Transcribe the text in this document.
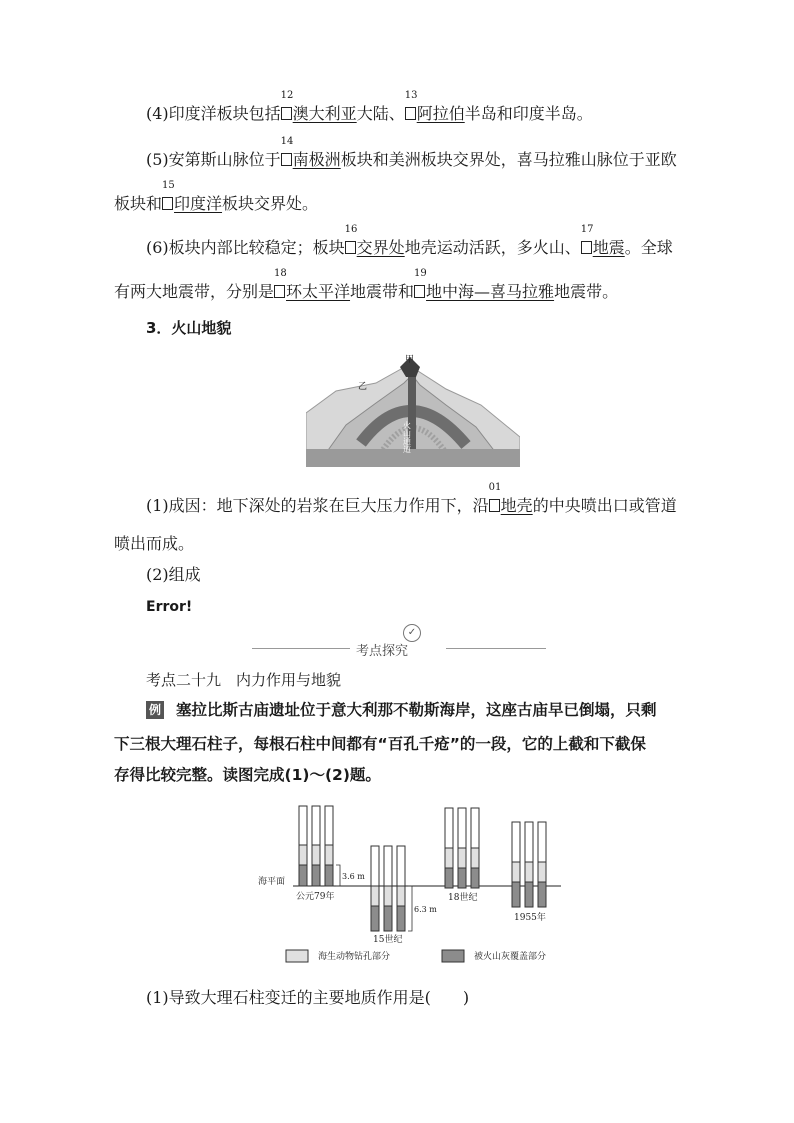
(4)印度洋板块包括
12
澳大利亚大陆、
13
阿拉伯半岛和印度半岛。
(5)安第斯山脉位于
14
南极洲板块和美洲板块交界处，喜马拉雅山脉位于亚欧
板块和
15
印度洋板块交界处。
(6)板块内部比较稳定；板块
16
交界处地壳运动活跃，多火山、
17
地震。全球
有两大地震带，分别是
18
环太平洋地震带和
19
地中海—喜马拉雅地震带。
3．火山地貌
甲
乙
火山通道
(1)成因：地下深处的岩浆在巨大压力作用下，沿
01
地壳的中央喷出口或管道
喷出而成。
(2)组成
Error!
✓
考点探究
考点二十九　内力作用与地貌
例 塞拉比斯古庙遗址位于意大利那不勒斯海岸，这座古庙早已倒塌，只剩
下三根大理石柱子，每根石柱中间都有“百孔千疮”的一段，它的上截和下截保
存得比较完整。读图完成(1)～(2)题。
海平面
公元79年
3.6 m
15世纪
6.3 m
18世纪
1955年
海生动物钻孔部分	被火山灰覆盖部分
(1)导致大理石柱变迁的主要地质作用是(　　)
